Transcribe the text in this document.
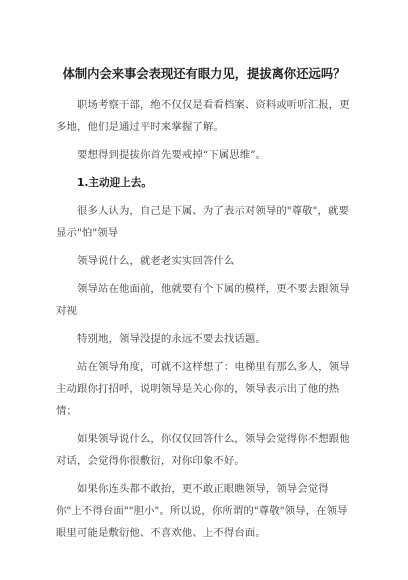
体制内会来事会表现还有眼力见，提拔离你还远吗？
职场考察干部，绝不仅仅是看看档案、资料或听听汇报，更多地，他们是通过平时来掌握了解。
要想得到提拔你首先要戒掉“下属思维”。
1.主动迎上去。
很多人认为，自己是下属、为了表示对领导的"尊敬"，就要显示"怕"领导
领导说什么，就老老实实回答什么
领导站在他面前，他就要有个下属的模样，更不要去跟领导对视
特别地，领导没提的永远不要去找话题。
站在领导角度，可就不这样想了：电梯里有那么多人，领导主动跟你打招呼，说明领导是关心你的，领导表示出了他的热情；
如果领导说什么，你仅仅回答什么，领导会觉得你不想跟他对话，会觉得你很敷衍，对你印象不好。
如果你连头都不敢抬，更不敢正眼瞧领导，领导会觉得你"上不得台面""胆小"。所以说，你所谓的"尊敬"领导，在领导眼里可能是敷衍他、不喜欢他、上不得台面。
